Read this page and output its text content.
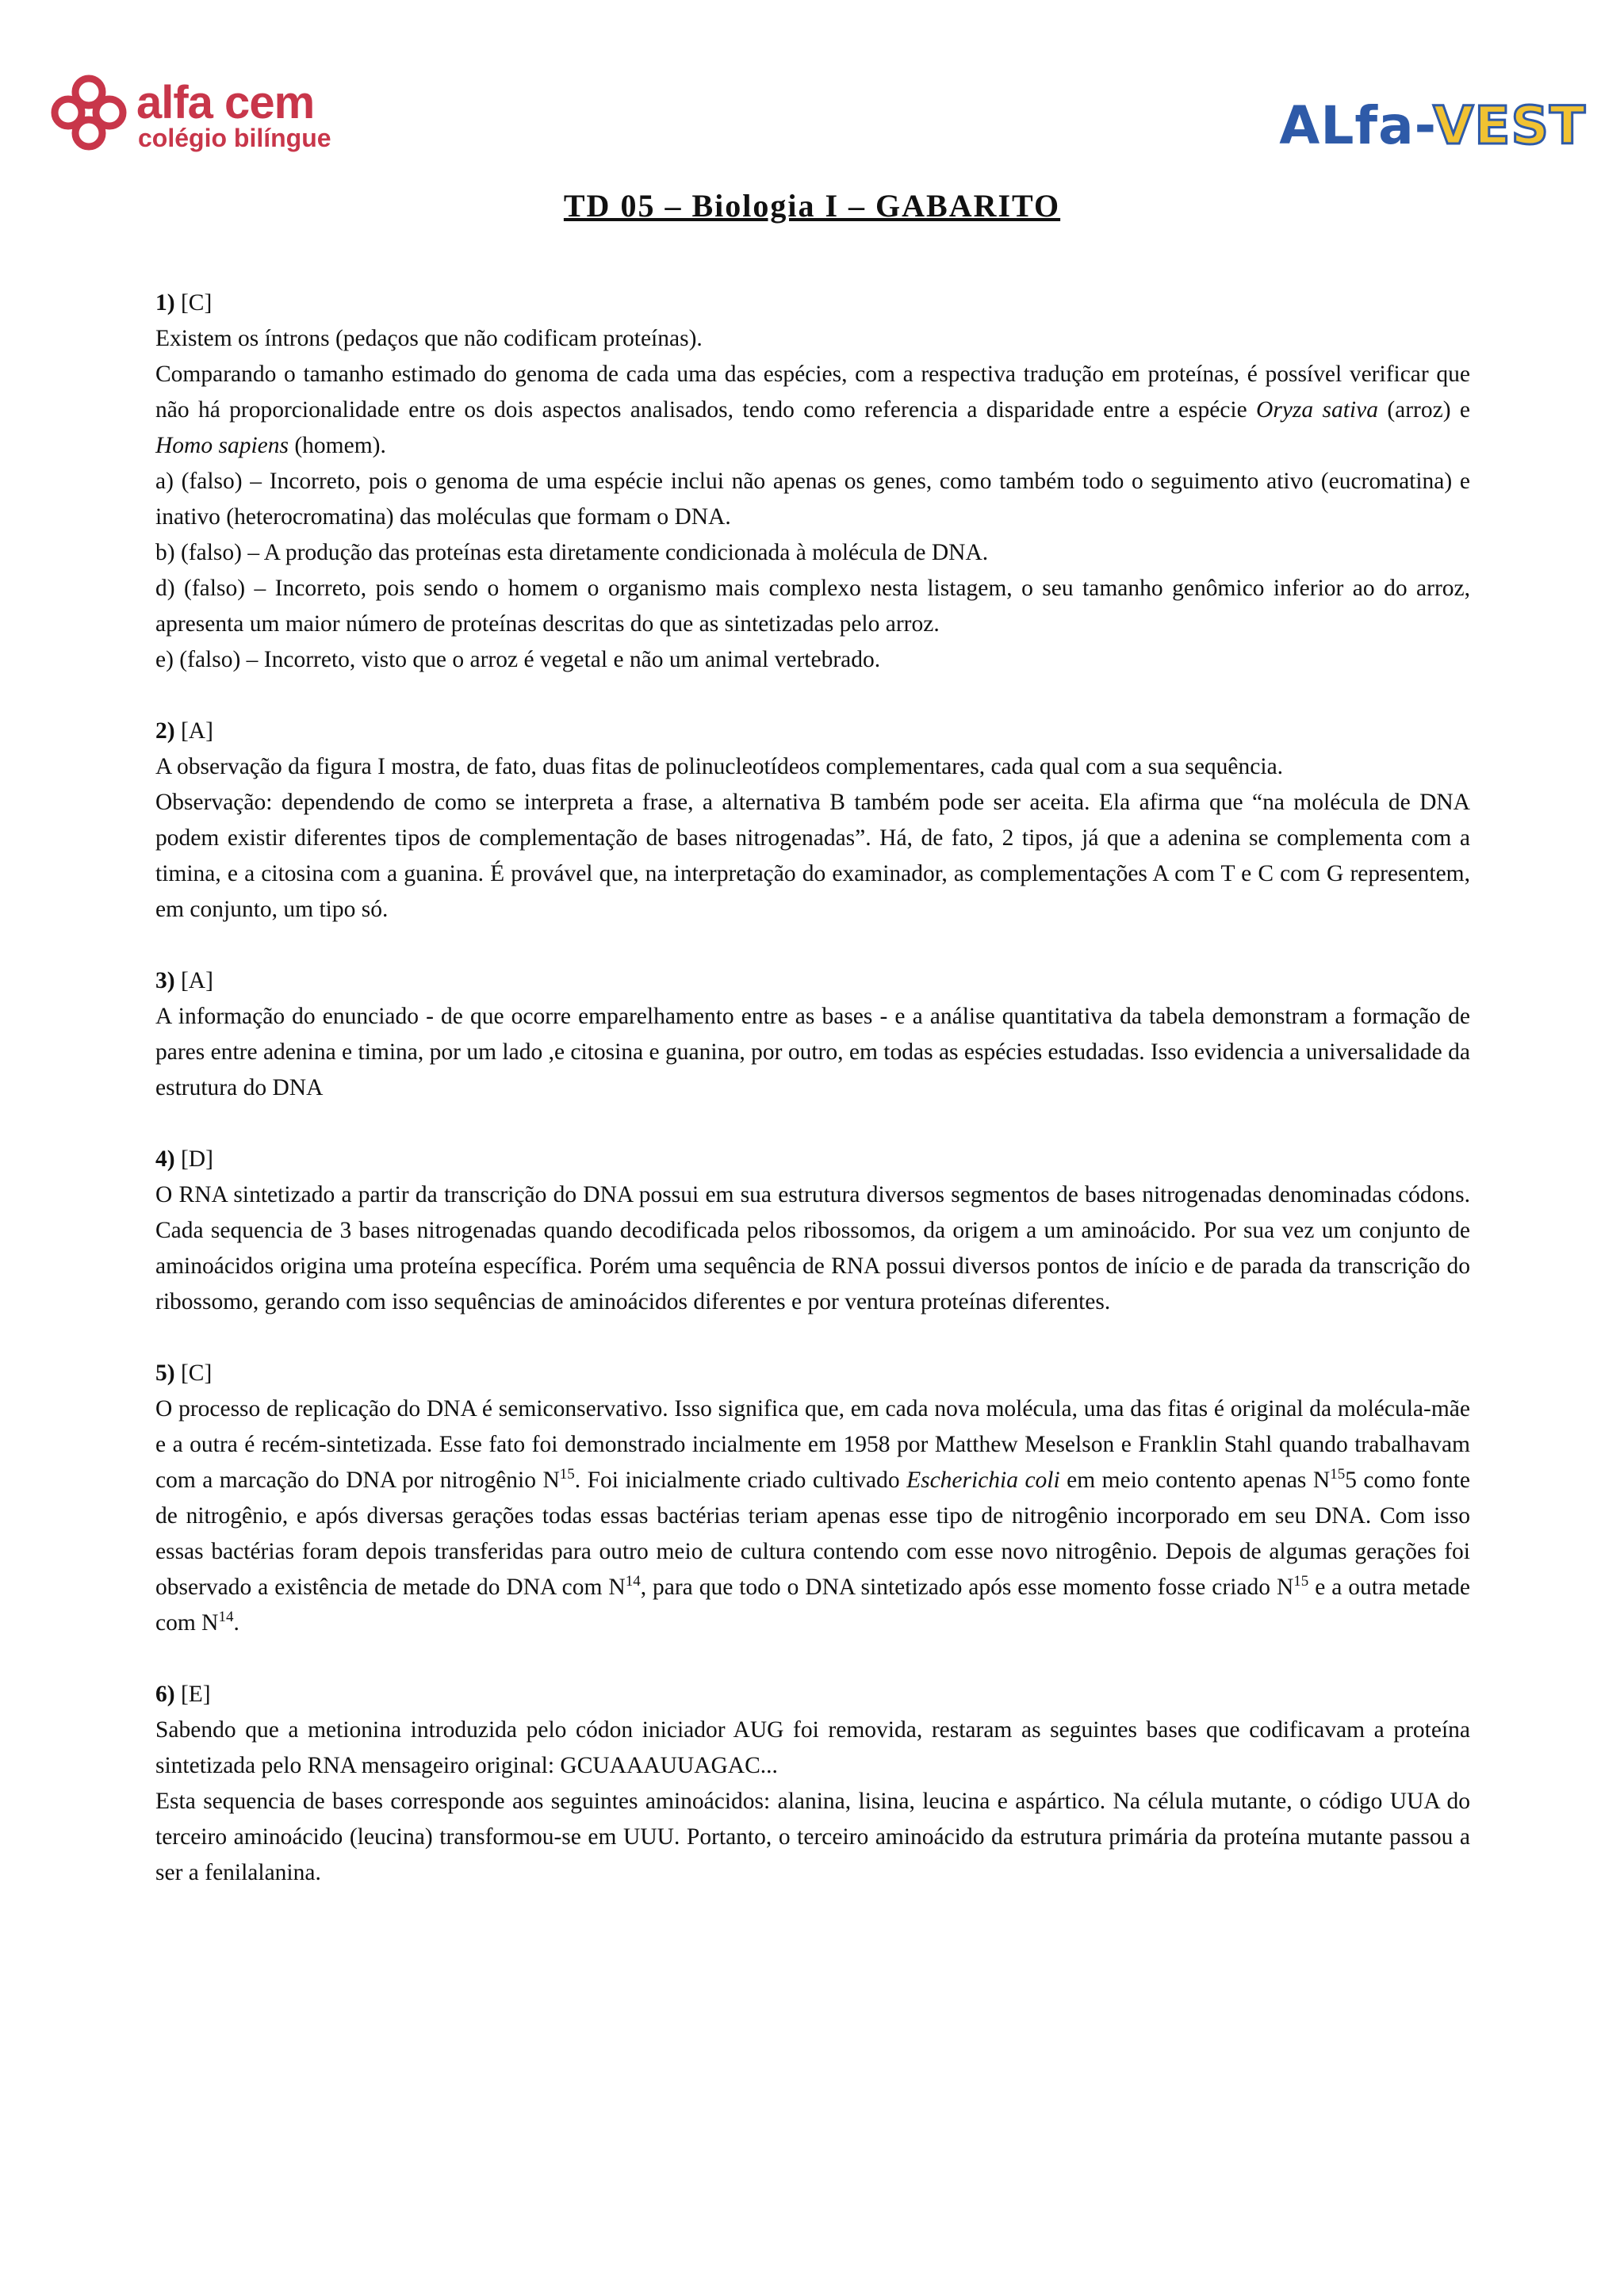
alfa cem
colégio bilíngue	ALfa-VEST
TD 05 – Biologia I – GABARITO

1) [C]

Existem os íntrons (pedaços que não codificam proteínas).

Comparando o tamanho estimado do genoma de cada uma das espécies, com a respectiva tradução em proteínas, é possível verificar que não há proporcionalidade entre os dois aspectos analisados, tendo como referencia a disparidade entre a espécie Oryza sativa (arroz) e Homo sapiens (homem).

a) (falso) – Incorreto, pois o genoma de uma espécie inclui não apenas os genes, como também todo o seguimento ativo (eucromatina) e inativo (heterocromatina) das moléculas que formam o DNA.

b) (falso) – A produção das proteínas esta diretamente condicionada à molécula de DNA.

d) (falso) – Incorreto, pois sendo o homem o organismo mais complexo nesta listagem, o seu tamanho genômico inferior ao do arroz, apresenta um maior número de proteínas descritas do que as sintetizadas pelo arroz.

e) (falso) – Incorreto, visto que o arroz é vegetal e não um animal vertebrado.

2) [A]

A observação da figura I mostra, de fato, duas fitas de polinucleotídeos complementares, cada qual com a sua sequência.

Observação: dependendo de como se interpreta a frase, a alternativa B também pode ser aceita. Ela afirma que “na molécula de DNA podem existir diferentes tipos de complementação de bases nitrogenadas”. Há, de fato, 2 tipos, já que a adenina se complementa com a timina, e a citosina com a guanina. É provável que, na interpretação do examinador, as complementações A com T e C com G representem, em conjunto, um tipo só.

3) [A]

A informação do enunciado - de que ocorre emparelhamento entre as bases - e a análise quantitativa da tabela demonstram a formação de pares entre adenina e timina, por um lado ,e citosina e guanina, por outro, em todas as espécies estudadas. Isso evidencia a universalidade da estrutura do DNA

4) [D]

O RNA sintetizado a partir da transcrição do DNA possui em sua estrutura diversos segmentos de bases nitrogenadas denominadas códons. Cada sequencia de 3 bases nitrogenadas quando decodificada pelos ribossomos, da origem a um aminoácido. Por sua vez um conjunto de aminoácidos origina uma proteína específica. Porém uma sequência de RNA possui diversos pontos de início e de parada da transcrição do ribossomo, gerando com isso sequências de aminoácidos diferentes e por ventura proteínas diferentes.

5) [C]

O processo de replicação do DNA é semiconservativo. Isso significa que, em cada nova molécula, uma das fitas é original da molécula-mãe e a outra é recém-sintetizada. Esse fato foi demonstrado incialmente em 1958 por Matthew Meselson e Franklin Stahl quando trabalhavam com a marcação do DNA por nitrogênio $N^{15}$. Foi inicialmente criado cultivado Escherichia coli em meio contento apenas $N^{15}5$ como fonte de nitrogênio, e após diversas gerações todas essas bactérias teriam apenas esse tipo de nitrogênio incorporado em seu DNA. Com isso essas bactérias foram depois transferidas para outro meio de cultura contendo com esse novo nitrogênio. Depois de algumas gerações foi observado a existência de metade do DNA com $N^{14}$, para que todo o DNA sintetizado após esse momento fosse criado $N^{15}$ e a outra metade com $N^{14}$.

6) [E]

Sabendo que a metionina introduzida pelo códon iniciador AUG foi removida, restaram as seguintes bases que codificavam a proteína sintetizada pelo RNA mensageiro original: GCUAAAUUAGAC...

Esta sequencia de bases corresponde aos seguintes aminoácidos: alanina, lisina, leucina e aspártico. Na célula mutante, o código UUA do terceiro aminoácido (leucina) transformou-se em UUU. Portanto, o terceiro aminoácido da estrutura primária da proteína mutante passou a ser a fenilalanina.
